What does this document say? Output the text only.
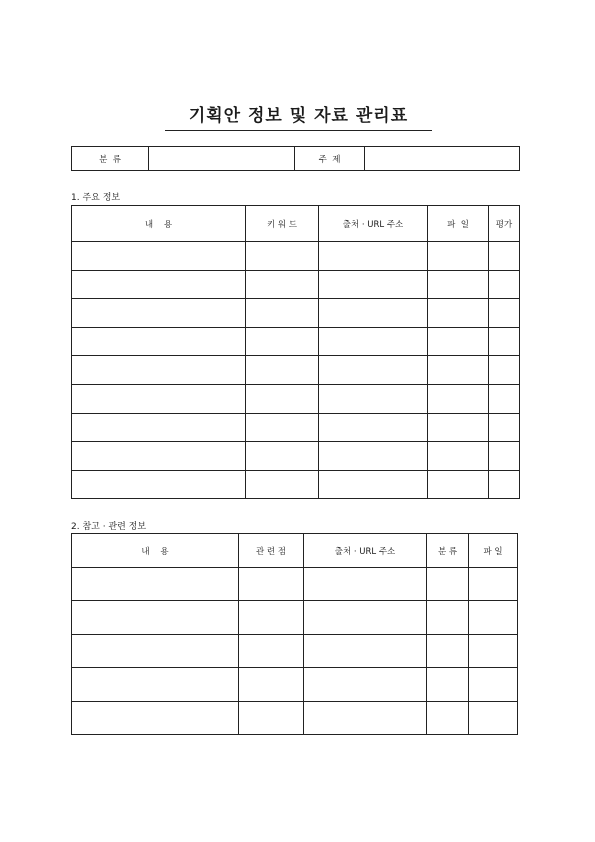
기획안 정보 및 자료 관리표
분  류		주  제	
1. 주요 정보
내    용	키 워 드	출처 · URL 주소	파  일	평가

2. 참고 · 관련 정보
내    용	관 련 점	출처 · URL 주소	분 류	파 일
